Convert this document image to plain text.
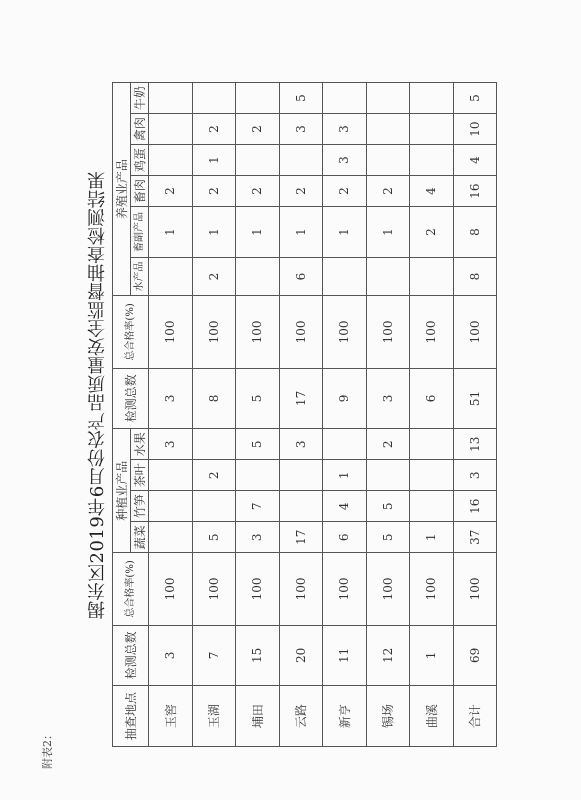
附表2：
揭东区2019年6月份农产品质量安全监督抽查检测结果
抽查地点	检测总数	总合格率(%)	种植业产品				检测总数	总合格率(%)	养殖业产品					
			蔬菜	竹笋	茶叶	水果			水产品	畜副产品	畜肉	鸡蛋	禽肉	牛奶
玉窖	3	100				3	3	100		1	2			
玉湖	7	100	5		2		8	100	2	1	2	1	2	
埔田	15	100	3	7		5	5	100		1	2		2	
云路	20	100	17			3	17	100	6	1	2		3	5
新亨	11	100	6	4	1		9	100		1	2	3	3	
锡场	12	100	5	5		2	3	100		1	2			
曲溪	1	100	1				6	100		2	4			
合计	69	100	37	16	3	13	51	100	8	8	16	4	10	5
